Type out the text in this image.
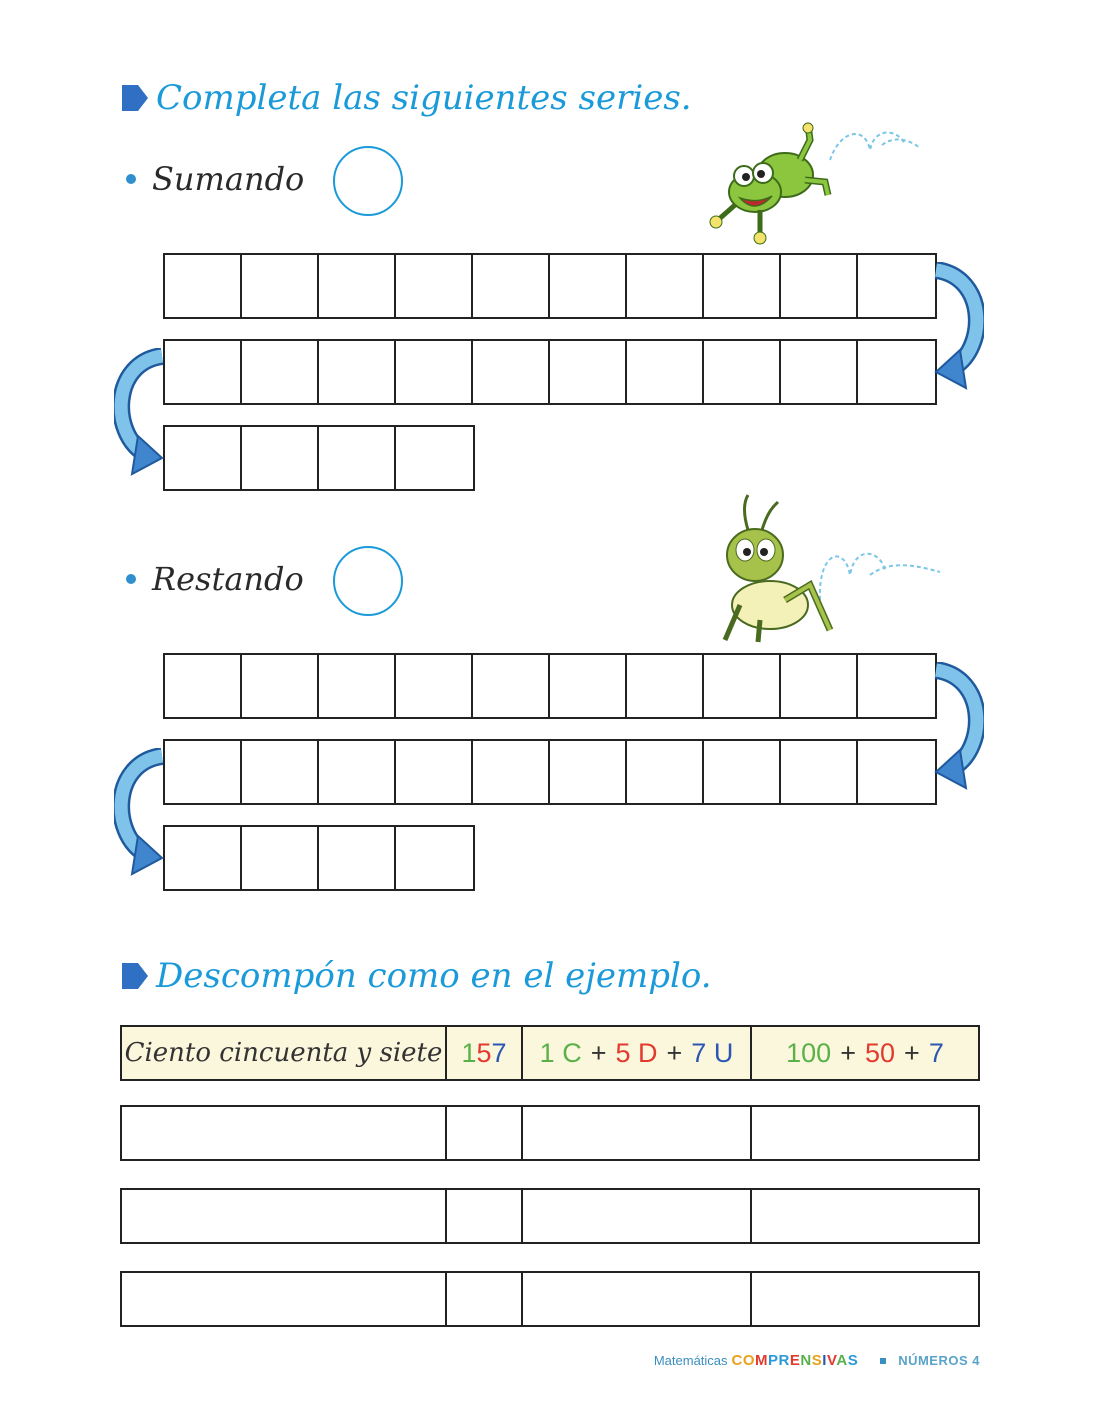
Completa las siguientes series.
Sumando
Restando
Descompón como en el ejemplo.
Ciento cincuenta y siete 1 5 7 1 C + 5 D + 7 U 100 + 50 + 7
Matemáticas COMPRENSIVAS	NÚMEROS 4
